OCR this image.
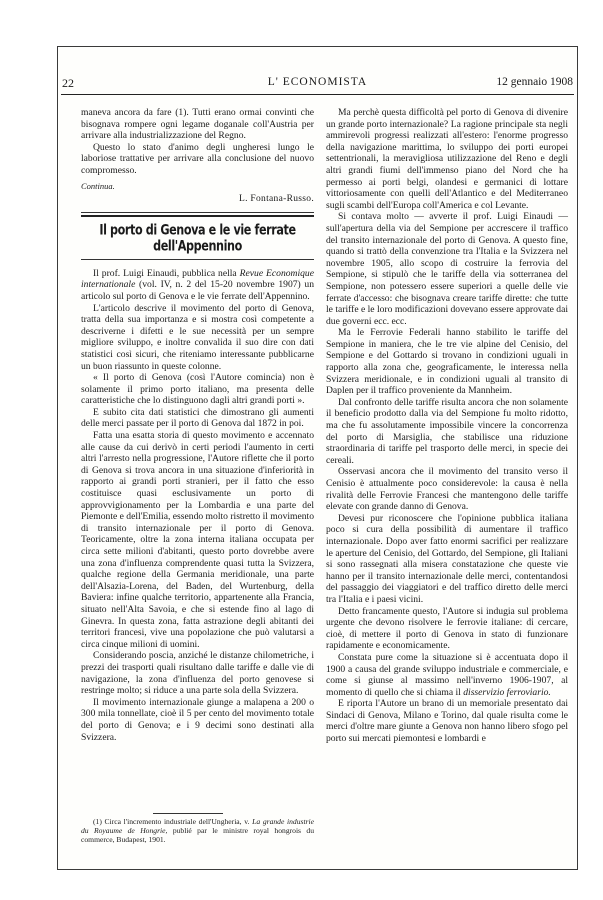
22	L' ECONOMISTA	12 gennaio 1908

maneva ancora da fare (1). Tutti erano ormai convinti che bisognava rompere ogni legame doganale coll'Austria per arrivare alla industrializzazione del Regno.

Questo lo stato d'animo degli ungheresi lungo le laboriose trattative per arrivare alla conclusione del nuovo compromesso.

Continua.

L. Fontana-Russo.

Il porto di Genova e le vie ferrate dell'Appennino

Il prof. Luigi Einaudi, pubblica nella Revue Economique internationale (vol. IV, n. 2 del 15-20 novembre 1907) un articolo sul porto di Genova e le vie ferrate dell'Appennino.

L'articolo descrive il movimento del porto di Genova, tratta della sua importanza e si mostra così competente a descriverne i difetti e le sue necessità per un sempre migliore sviluppo, e inoltre convalida il suo dire con dati statistici così sicuri, che riteniamo interessante pubblicarne un buon riassunto in queste colonne.

« Il porto di Genova (così l'Autore comincia) non è solamente il primo porto italiano, ma presenta delle caratteristiche che lo distinguono dagli altri grandi porti ».

E subito cita dati statistici che dimostrano gli aumenti delle merci passate per il porto di Genova dal 1872 in poi.

Fatta una esatta storia di questo movimento e accennato alle cause da cui derivò in certi periodi l'aumento in certi altri l'arresto nella progressione, l'Autore riflette che il porto di Genova si trova ancora in una situazione d'inferiorità in rapporto ai grandi porti stranieri, per il fatto che esso costituisce quasi esclusivamente un porto di approvvigionamento per la Lombardia e una parte del Piemonte e dell'Emilia, essendo molto ristretto il movimento di transito internazionale per il porto di Genova. Teoricamente, oltre la zona interna italiana occupata per circa sette milioni d'abitanti, questo porto dovrebbe avere una zona d'influenza comprendente quasi tutta la Svizzera, qualche regione della Germania meridionale, una parte dell'Alsazia-Lorena, del Baden, del Wurtenburg, della Baviera: infine qualche territorio, appartenente alla Francia, situato nell'Alta Savoia, e che si estende fino al lago di Ginevra. In questa zona, fatta astrazione degli abitanti dei territori francesi, vive una popolazione che può valutarsi a circa cinque milioni di uomini.

Considerando poscia, anziché le distanze chilometriche, i prezzi dei trasporti quali risultano dalle tariffe e dalle vie di navigazione, la zona d'influenza del porto genovese si restringe molto; si riduce a una parte sola della Svizzera.

Il movimento internazionale giunge a malapena a 200 o 300 mila tonnellate, cioè il 5 per cento del movimento totale del porto di Genova; e i 9 decimi sono destinati alla Svizzera.

(1) Circa l'incremento industriale dell'Ungheria, v. La grande industrie du Royaume de Hongrie, publié par le ministre royal hongrois du commerce, Budapest, 1901.

Ma perchè questa difficoltà pel porto di Genova di divenire un grande porto internazionale? La ragione principale sta negli ammirevoli progressi realizzati all'estero: l'enorme progresso della navigazione marittima, lo sviluppo dei porti europei settentrionali, la meravigliosa utilizzazione del Reno e degli altri grandi fiumi dell'immenso piano del Nord che ha permesso ai porti belgi, olandesi e germanici di lottare vittoriosamente con quelli dell'Atlantico e del Mediterraneo sugli scambi dell'Europa coll'America e col Levante.

Si contava molto — avverte il prof. Luigi Einaudi — sull'apertura della via del Sempione per accrescere il traffico del transito internazionale del porto di Genova. A questo fine, quando si trattò della convenzione tra l'Italia e la Svizzera nel novembre 1905, allo scopo di costruire la ferrovia del Sempione, si stipulò che le tariffe della via sotterranea del Sempione, non potessero essere superiori a quelle delle vie ferrate d'accesso: che bisognava creare tariffe dirette: che tutte le tariffe e le loro modificazioni dovevano essere approvate dai due governi ecc. ecc.

Ma le Ferrovie Federali hanno stabilito le tariffe del Sempione in maniera, che le tre vie alpine del Cenisio, del Sempione e del Gottardo si trovano in condizioni uguali in rapporto alla zona che, geograficamente, le interessa nella Svizzera meridionale, e in condizioni uguali al transito di Daplen per il traffico proveniente da Mannheim.

Dal confronto delle tariffe risulta ancora che non solamente il beneficio prodotto dalla via del Sempione fu molto ridotto, ma che fu assolutamente impossibile vincere la concorrenza del porto di Marsiglia, che stabilisce una riduzione straordinaria di tariffe pel trasporto delle merci, in specie dei cereali.

Osservasi ancora che il movimento del transito verso il Cenisio è attualmente poco considerevole: la causa è nella rivalità delle Ferrovie Francesi che mantengono delle tariffe elevate con grande danno di Genova.

Devesi pur riconoscere che l'opinione pubblica italiana poco si cura della possibilità di aumentare il traffico internazionale. Dopo aver fatto enormi sacrifici per realizzare le aperture del Cenisio, del Gottardo, del Sempione, gli Italiani si sono rassegnati alla misera constatazione che queste vie hanno per il transito internazionale delle merci, contentandosi del passaggio dei viaggiatori e del traffico diretto delle merci tra l'Italia e i paesi vicini.

Detto francamente questo, l'Autore si indugia sul problema urgente che devono risolvere le ferrovie italiane: di cercare, cioè, di mettere il porto di Genova in stato di funzionare rapidamente e economicamente.

Constata pure come la situazione si è accentuata dopo il 1900 a causa del grande sviluppo industriale e commerciale, e come si giunse al massimo nell'inverno 1906-1907, al momento di quello che si chiama il disservizio ferroviario.

E riporta l'Autore un brano di un memoriale presentato dai Sindaci di Genova, Milano e Torino, dal quale risulta come le merci d'oltre mare giunte a Genova non hanno libero sfogo pel porto sui mercati piemontesi e lombardi e
